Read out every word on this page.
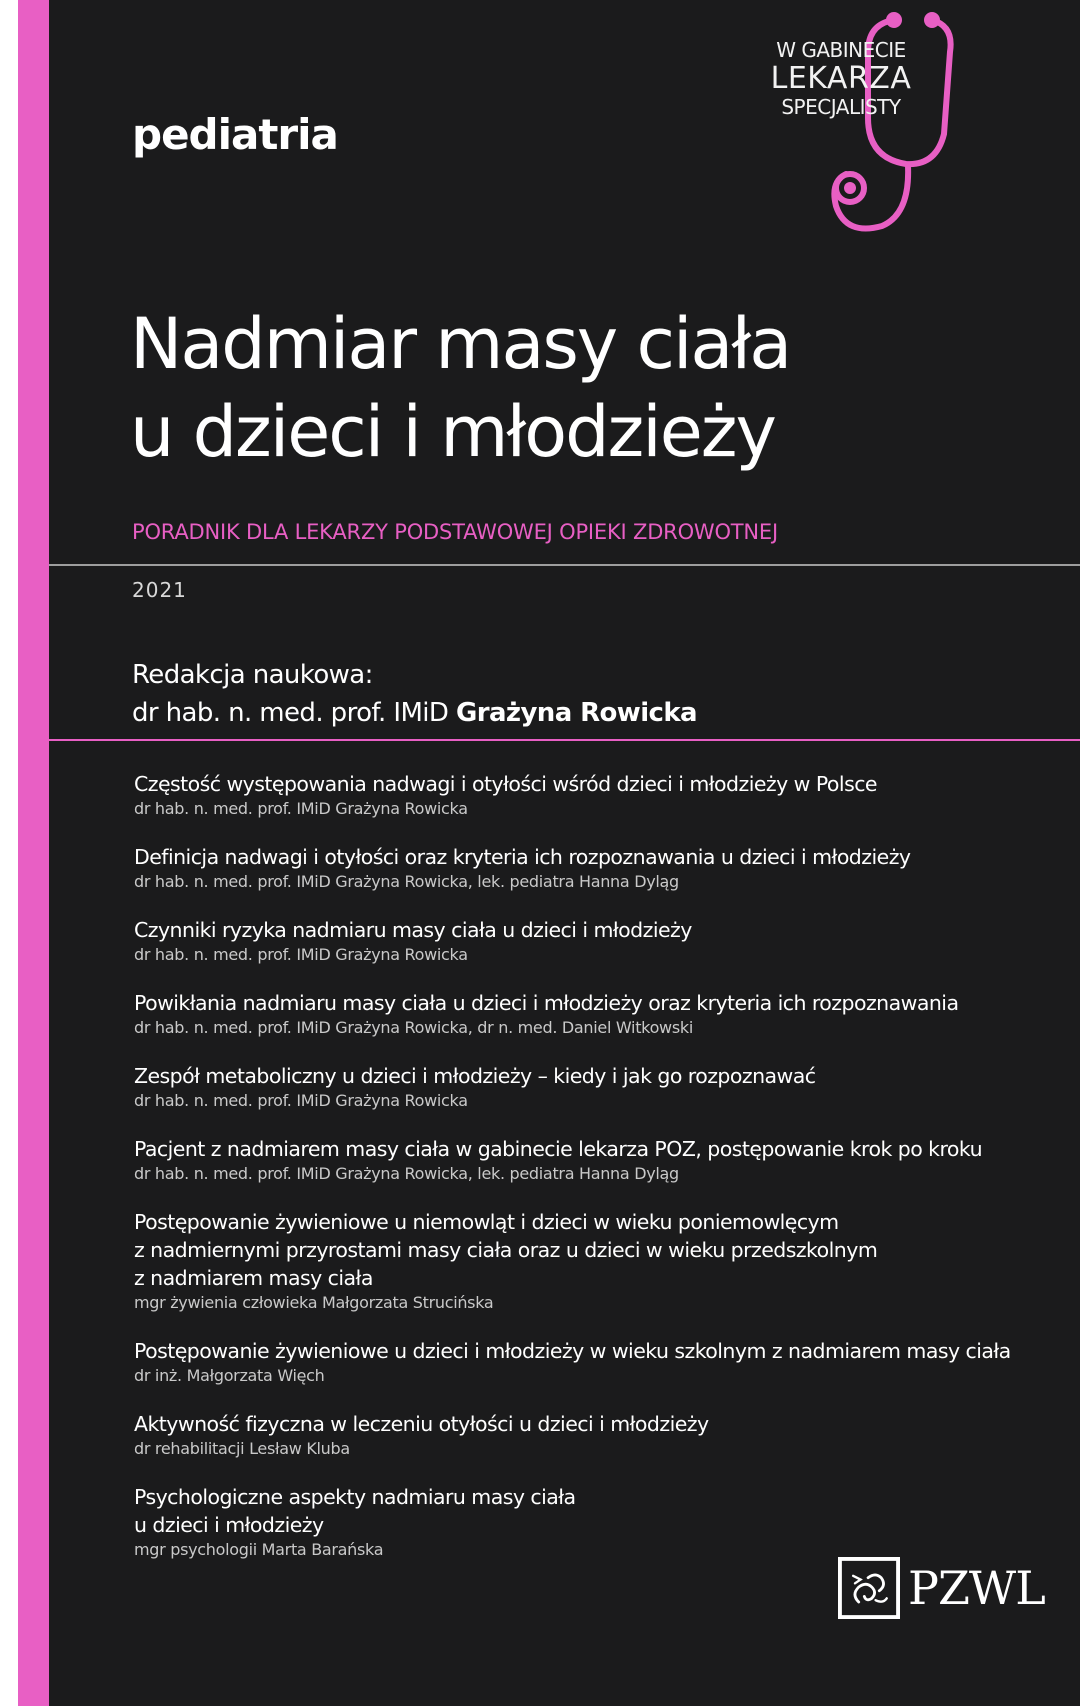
W GABINECIE
LEKARZA
SPECJALISTY
pediatria
Nadmiar masy ciała
u dzieci i młodzieży
PORADNIK DLA LEKARZY PODSTAWOWEJ OPIEKI ZDROWOTNEJ
2021
Redakcja naukowa:
dr hab. n. med. prof. IMiD Grażyna Rowicka
Częstość występowania nadwagi i otyłości wśród dzieci i młodzieży w Polsce
dr hab. n. med. prof. IMiD Grażyna Rowicka
Definicja nadwagi i otyłości oraz kryteria ich rozpoznawania u dzieci i młodzieży
dr hab. n. med. prof. IMiD Grażyna Rowicka, lek. pediatra Hanna Dyląg
Czynniki ryzyka nadmiaru masy ciała u dzieci i młodzieży
dr hab. n. med. prof. IMiD Grażyna Rowicka
Powikłania nadmiaru masy ciała u dzieci i młodzieży oraz kryteria ich rozpoznawania
dr hab. n. med. prof. IMiD Grażyna Rowicka, dr n. med. Daniel Witkowski
Zespół metaboliczny u dzieci i młodzieży – kiedy i jak go rozpoznawać
dr hab. n. med. prof. IMiD Grażyna Rowicka
Pacjent z nadmiarem masy ciała w gabinecie lekarza POZ, postępowanie krok po kroku
dr hab. n. med. prof. IMiD Grażyna Rowicka, lek. pediatra Hanna Dyląg
Postępowanie żywieniowe u niemowląt i dzieci w wieku poniemowlęcym
z nadmiernymi przyrostami masy ciała oraz u dzieci w wieku przedszkolnym
z nadmiarem masy ciała
mgr żywienia człowieka Małgorzata Strucińska
Postępowanie żywieniowe u dzieci i młodzieży w wieku szkolnym z nadmiarem masy ciała
dr inż. Małgorzata Więch
Aktywność fizyczna w leczeniu otyłości u dzieci i młodzieży
dr rehabilitacji Lesław Kluba
Psychologiczne aspekty nadmiaru masy ciała
u dzieci i młodzieży
mgr psychologii Marta Barańska
PZWL
